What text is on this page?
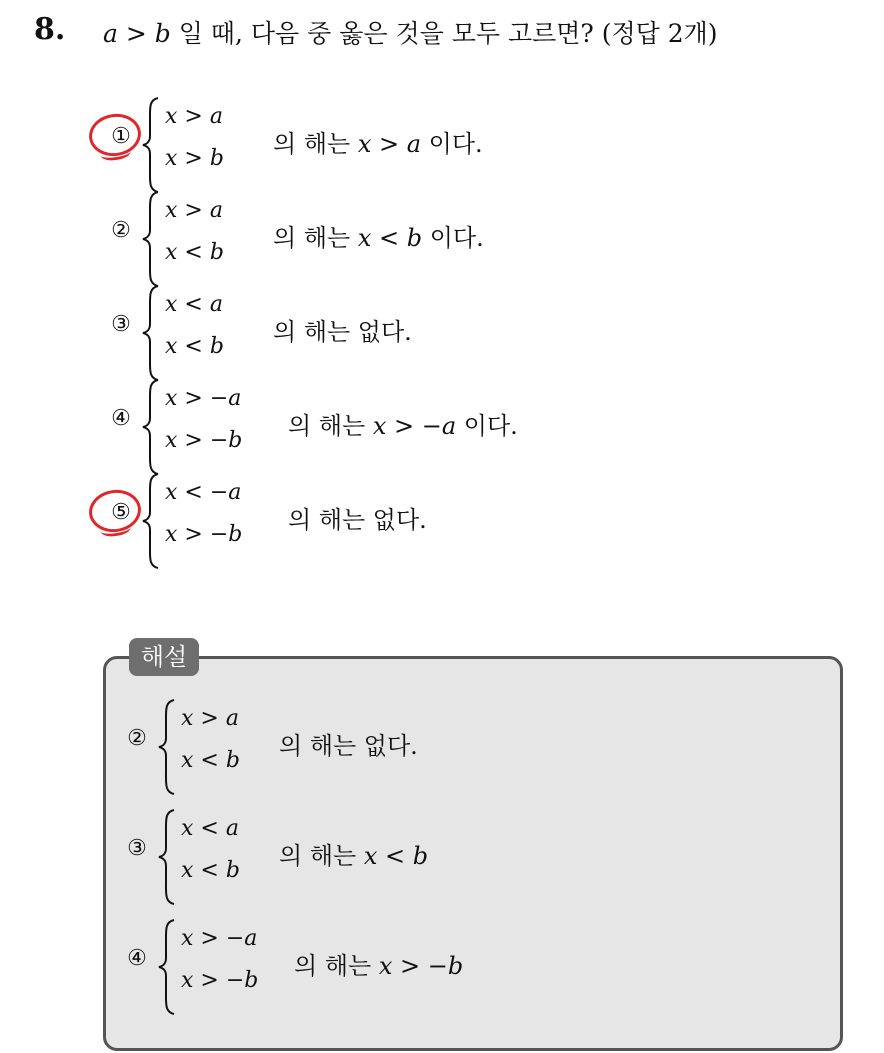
8. a > b 일 때, 다음 중 옳은 것을 모두 고르면? (정답 2개)
①
x > a
x > b
의 해는 x > a 이다.
②
x > a
x < b
의 해는 x < b 이다.
③
x < a
x < b
의 해는 없다.
④
x > −a
x > −b
의 해는 x > −a 이다.
⑤
x < −a
x > −b
의 해는 없다.
해설
②
x > a
x < b
의 해는 없다.
③
x < a
x < b
의 해는 x < b
④
x > −a
x > −b
의 해는 x > −b
